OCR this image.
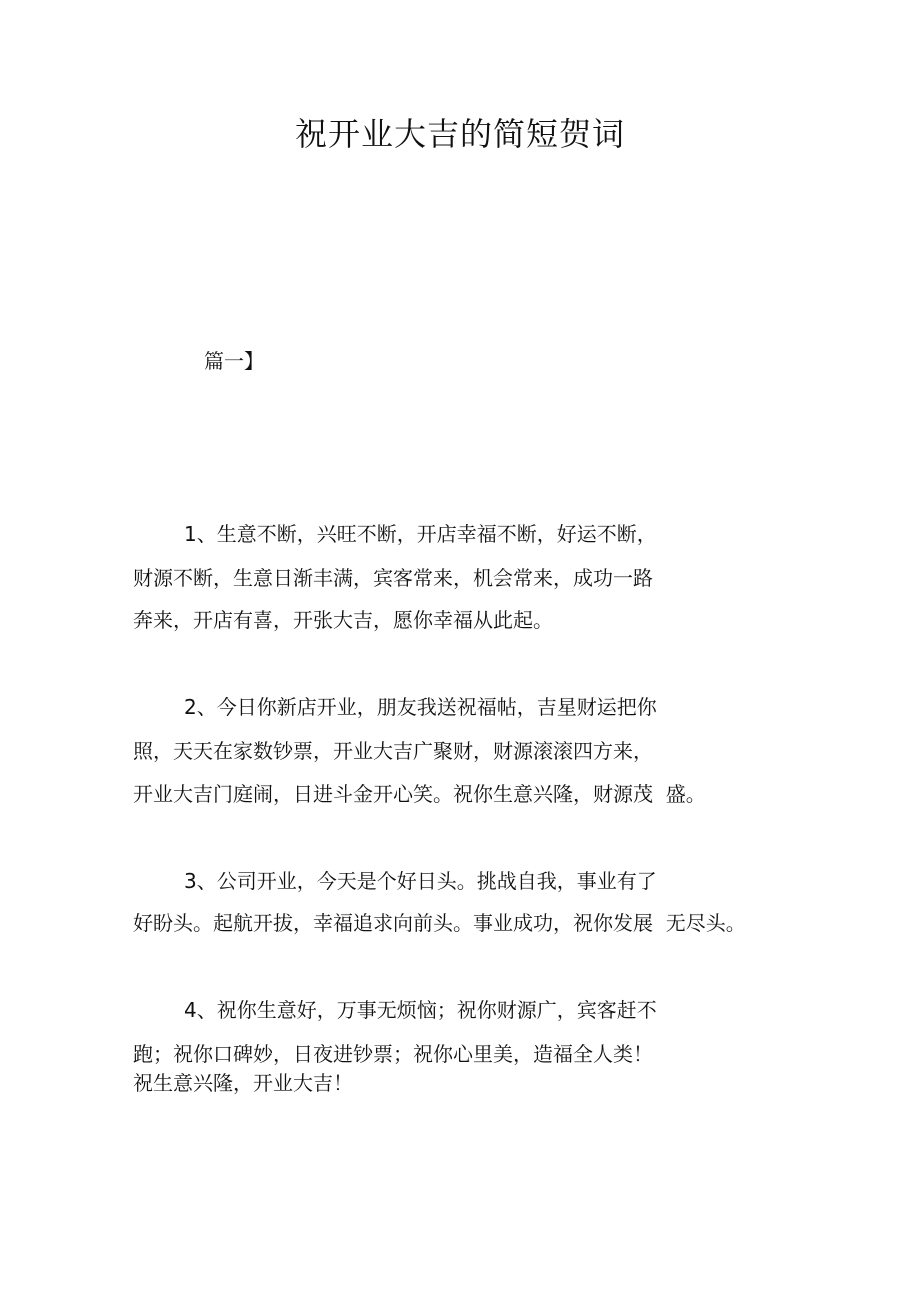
祝开业大吉的简短贺词
篇一】
1、生意不断，兴旺不断，开店幸福不断，好运不断，
财源不断，生意日渐丰满，宾客常来，机会常来，成功一路
奔来，开店有喜，开张大吉，愿你幸福从此起。
2、今日你新店开业，朋友我送祝福帖，吉星财运把你
照，天天在家数钞票，开业大吉广聚财，财源滚滚四方来，
开业大吉门庭闹，日进斗金开心笑。祝你生意兴隆，财源茂  盛。
3、公司开业，今天是个好日头。挑战自我，事业有了
好盼头。起航开拔，幸福追求向前头。事业成功，祝你发展  无尽头。
4、祝你生意好，万事无烦恼；祝你财源广，宾客赶不
跑；祝你口碑妙，日夜进钞票；祝你心里美，造福全人类！
祝生意兴隆，开业大吉！
